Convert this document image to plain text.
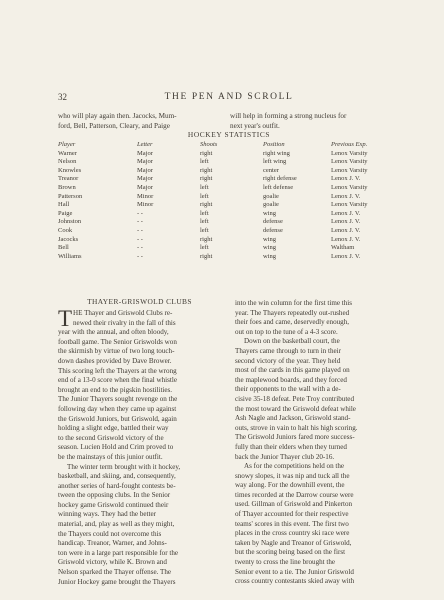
32	THE PEN AND SCROLL

who will play again then. Jacocks, Mum-

ford, Bell, Patterson, Cleary, and Paige

will help in forming a strong nucleus for

next year's outfit.

HOCKEY STATISTICS
Player	Letter	Shoots	Position	Previous Exp.
Warner	Major	right	right wing	Lenox Varsity
Nelson	Major	left	left wing	Lenox Varsity
Knowles	Major	right	center	Lenox Varsity
Treanor	Major	right	right defense	Lenox J. V.
Brown	Major	left	left defense	Lenox Varsity
Patterson	Minor	left	goalie	Lenox J. V.
Hall	Minor	right	goalie	Lenox Varsity
Paige	- -	left	wing	Lenox J. V.
Johnston	- -	left	defense	Lenox J. V.
Cook	- -	left	defense	Lenox J. V.
Jacocks	- -	right	wing	Lenox J. V.
Bell	- -	left	wing	Waltham
Williams	- -	right	wing	Lenox J. V.
THAYER-GRISWOLD CLUBS
T HE Thayer and Griswold Clubs re-
newed their rivalry in the fall of this
year with the annual, and often bloody,
football game. The Senior Griswolds won
the skirmish by virtue of two long touch-
down dashes provided by Dave Brower.
This scoring left the Thayers at the wrong
end of a 13-0 score when the final whistle
brought an end to the pigskin hostilities.
The Junior Thayers sought revenge on the
following day when they came up against
the Griswold Juniors, but Griswold, again
holding a slight edge, battled their way
to the second Griswold victory of the
season. Lucien Hold and Crim proved to
be the mainstays of this junior outfit.
The winter term brought with it hockey,
basketball, and skiing, and, consequently,
another series of hard-fought contests be-
tween the opposing clubs. In the Senior
hockey game Griswold continued their
winning ways. They had the better
material, and, play as well as they might,
the Thayers could not overcome this
handicap. Treanor, Warner, and Johns-
ton were in a large part responsible for the
Griswold victory, while K. Brown and
Nelson sparked the Thayer offense. The
Junior Hockey game brought the Thayers
into the win column for the first time this
year. The Thayers repeatedly out-rushed
their foes and came, deservedly enough,
out on top to the tune of a 4-3 score.
Down on the basketball court, the
Thayers came through to turn in their
second victory of the year. They held
most of the cards in this game played on
the maplewood boards, and they forced
their opponents to the wall with a de-
cisive 35-18 defeat. Pete Troy contributed
the most toward the Griswold defeat while
Ash Nagle and Jackson, Griswold stand-
outs, strove in vain to halt his high scoring.
The Griswold Juniors fared more success-
fully than their elders when they turned
back the Junior Thayer club 20-16.
As for the competitions held on the
snowy slopes, it was nip and tuck all the
way along. For the downhill event, the
times recorded at the Darrow course were
used. Gillman of Griswold and Pinkerton
of Thayer accounted for their respective
teams' scores in this event. The first two
places in the cross country ski race were
taken by Nagle and Treanor of Griswold,
but the scoring being based on the first
twenty to cross the line brought the
Senior event to a tie. The Junior Griswold
cross country contestants skied away with
